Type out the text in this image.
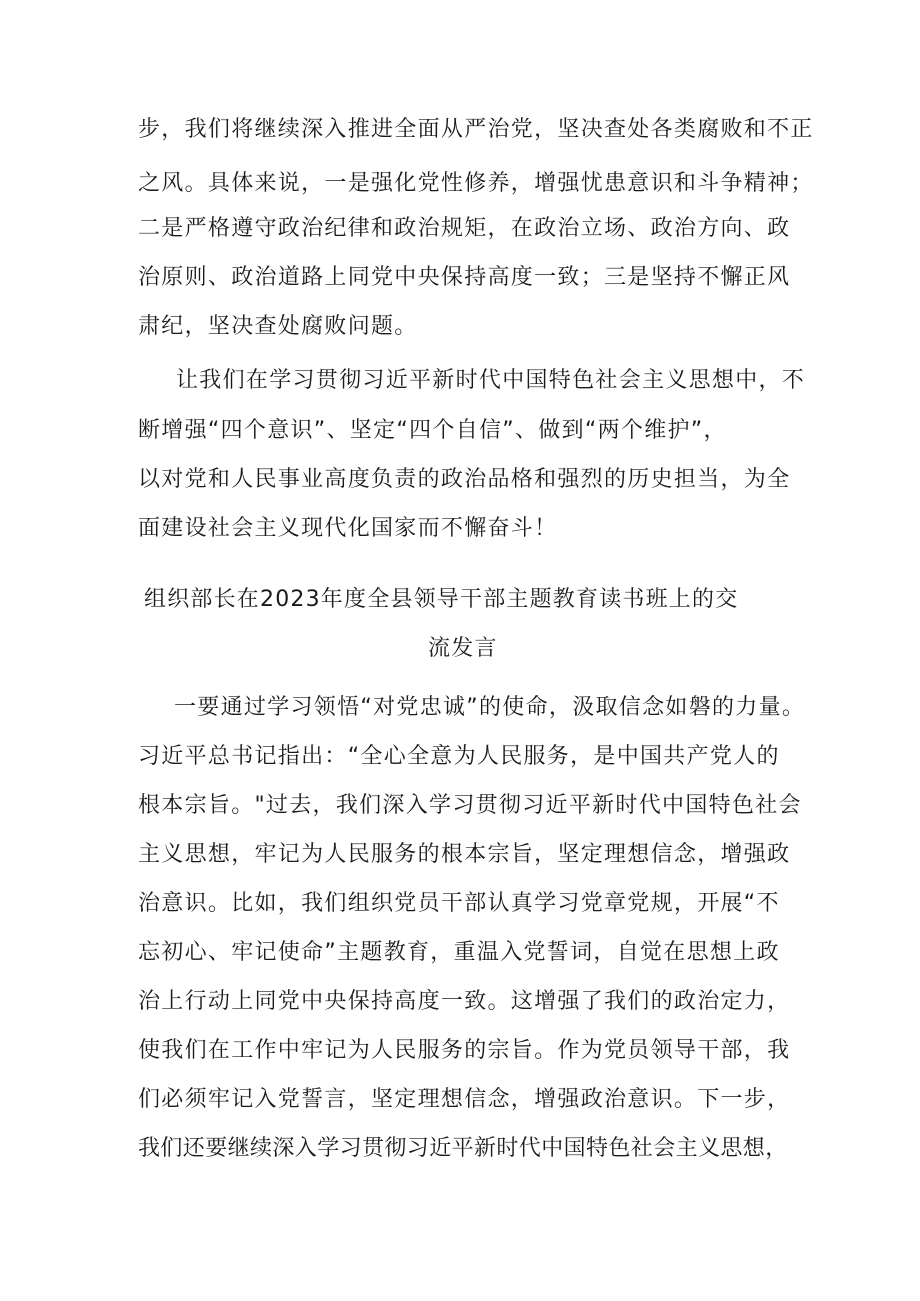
步，我们将继续深入推进全面从严治党，坚决查处各类腐败和不正
之风。具体来说，一是强化党性修养，增强忧患意识和斗争精神；
二是严格遵守政治纪律和政治规矩，在政治立场、政治方向、政
治原则、政治道路上同党中央保持高度一致；三是坚持不懈正风
肃纪，坚决查处腐败问题。
让我们在学习贯彻习近平新时代中国特色社会主义思想中，不
断增强“四个意识”、坚定“四个自信”、做到“两个维护”，
以对党和人民事业高度负责的政治品格和强烈的历史担当，为全
面建设社会主义现代化国家而不懈奋斗！
组织部长在2023年度全县领导干部主题教育读书班上的交
流发言
一要通过学习领悟“对党忠诚”的使命，汲取信念如磐的力量。
习近平总书记指出：“全心全意为人民服务，是中国共产党人的
根本宗旨。"过去，我们深入学习贯彻习近平新时代中国特色社会
主义思想，牢记为人民服务的根本宗旨，坚定理想信念，增强政
治意识。比如，我们组织党员干部认真学习党章党规，开展“不
忘初心、牢记使命”主题教育，重温入党誓词，自觉在思想上政
治上行动上同党中央保持高度一致。这增强了我们的政治定力，
使我们在工作中牢记为人民服务的宗旨。作为党员领导干部，我
们必须牢记入党誓言，坚定理想信念，增强政治意识。下一步，
我们还要继续深入学习贯彻习近平新时代中国特色社会主义思想，
